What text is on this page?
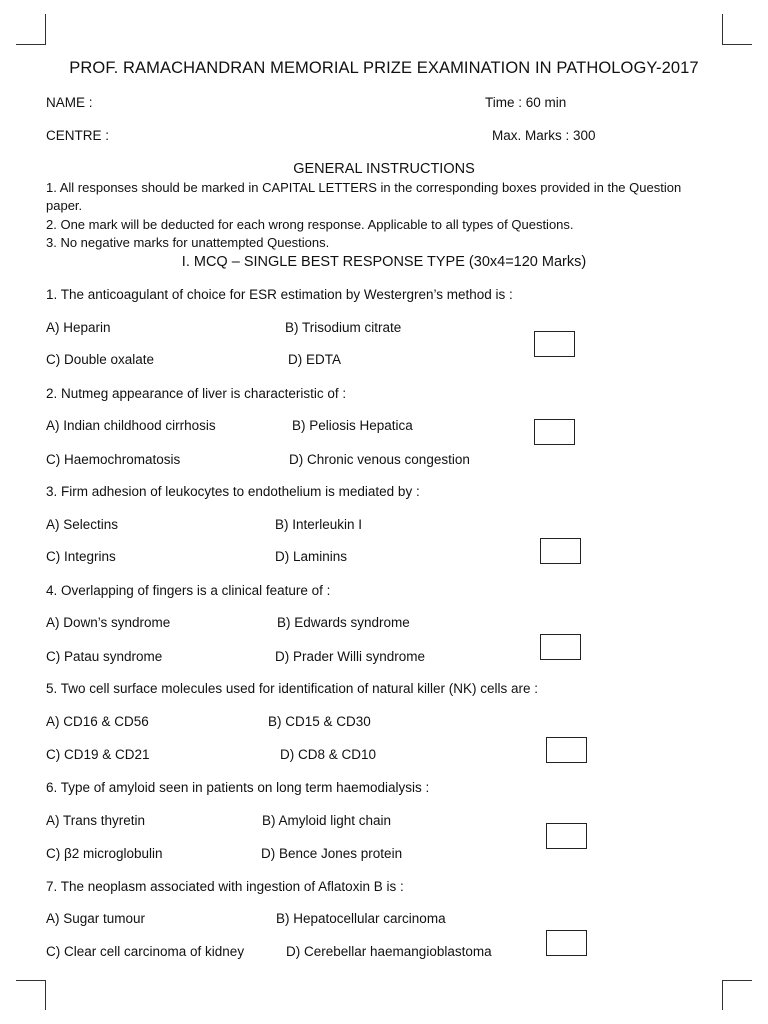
PROF. RAMACHANDRAN MEMORIAL PRIZE EXAMINATION IN PATHOLOGY-2017
NAME :	Time : 60 min
CENTRE :	Max. Marks : 300
GENERAL INSTRUCTIONS
1. All responses should be marked in CAPITAL LETTERS in the corresponding boxes provided in the Question
paper.
2. One mark will be deducted for each wrong response. Applicable to all types of Questions.
3. No negative marks for unattempted Questions.
I. MCQ – SINGLE BEST RESPONSE TYPE (30x4=120 Marks)
1. The anticoagulant of choice for ESR estimation by Westergren’s method is :
A) Heparin	B) Trisodium citrate
C) Double oxalate	D) EDTA
2. Nutmeg appearance of liver is characteristic of :
A) Indian childhood cirrhosis	B) Peliosis Hepatica
C) Haemochromatosis	D) Chronic venous congestion
3. Firm adhesion of leukocytes to endothelium is mediated by :
A) Selectins	B) Interleukin I
C) Integrins	D) Laminins
4. Overlapping of fingers is a clinical feature of :
A) Down’s syndrome	B) Edwards syndrome
C) Patau syndrome	D) Prader Willi syndrome
5. Two cell surface molecules used for identification of natural killer (NK) cells are :
A) CD16 & CD56	B) CD15 & CD30
C) CD19 & CD21	D) CD8 & CD10
6. Type of amyloid seen in patients on long term haemodialysis :
A) Trans thyretin	B) Amyloid light chain
C) β2 microglobulin	D) Bence Jones protein
7. The neoplasm associated with ingestion of Aflatoxin B is :
A) Sugar tumour	B) Hepatocellular carcinoma
C) Clear cell carcinoma of kidney	D) Cerebellar haemangioblastoma
